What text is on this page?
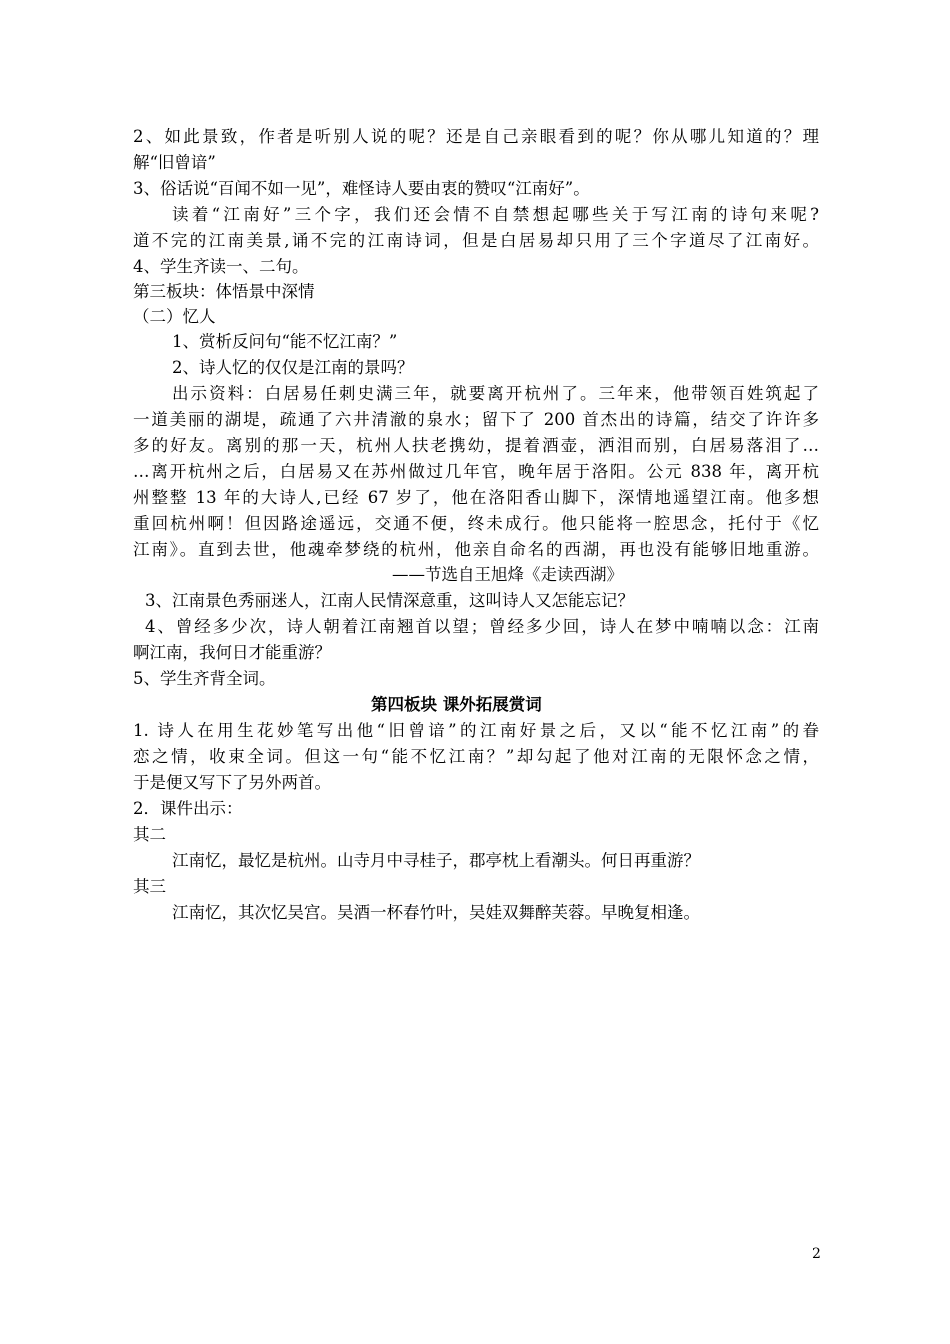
2、如此景致，作者是听别人说的呢？还是自己亲眼看到的呢？你从哪儿知道的？理
解“旧曾谙”
3、俗话说“百闻不如一见”，难怪诗人要由衷的赞叹“江南好”。
读着“江南好”三个字，我们还会情不自禁想起哪些关于写江南的诗句来呢?
道不完的江南美景,诵不完的江南诗词，但是白居易却只用了三个字道尽了江南好。
4、学生齐读一、二句。
第三板块：体悟景中深情
（二）忆人
1、赏析反问句“能不忆江南？”
2、诗人忆的仅仅是江南的景吗？
出示资料：白居易任刺史满三年，就要离开杭州了。三年来，他带领百姓筑起了
一道美丽的湖堤，疏通了六井清澈的泉水；留下了 200 首杰出的诗篇，结交了许许多
多的好友。离别的那一天，杭州人扶老携幼，提着酒壶，洒泪而别，白居易落泪了…
…离开杭州之后，白居易又在苏州做过几年官，晚年居于洛阳。公元 838 年，离开杭
州整整 13 年的大诗人,已经 67 岁了，他在洛阳香山脚下，深情地遥望江南。他多想
重回杭州啊！但因路途遥远，交通不便，终未成行。他只能将一腔思念，托付于《忆
江南》。直到去世，他魂牵梦绕的杭州，他亲自命名的西湖，再也没有能够旧地重游。
——节选自王旭烽《走读西湖》
3、江南景色秀丽迷人，江南人民情深意重，这叫诗人又怎能忘记？
4、曾经多少次，诗人朝着江南翘首以望；曾经多少回，诗人在梦中喃喃以念：江南
啊江南，我何日才能重游？
5、学生齐背全词。
第四板块 课外拓展赏词
1. 诗人在用生花妙笔写出他“旧曾谙”的江南好景之后，又以“能不忆江南”的眷
恋之情，收束全词。但这一句“能不忆江南？”却勾起了他对江南的无限怀念之情，
于是便又写下了另外两首。
2．课件出示：
其二
江南忆，最忆是杭州。山寺月中寻桂子，郡亭枕上看潮头。何日再重游？
其三
江南忆，其次忆吴宫。吴酒一杯春竹叶，吴娃双舞醉芙蓉。早晚复相逢。
2
